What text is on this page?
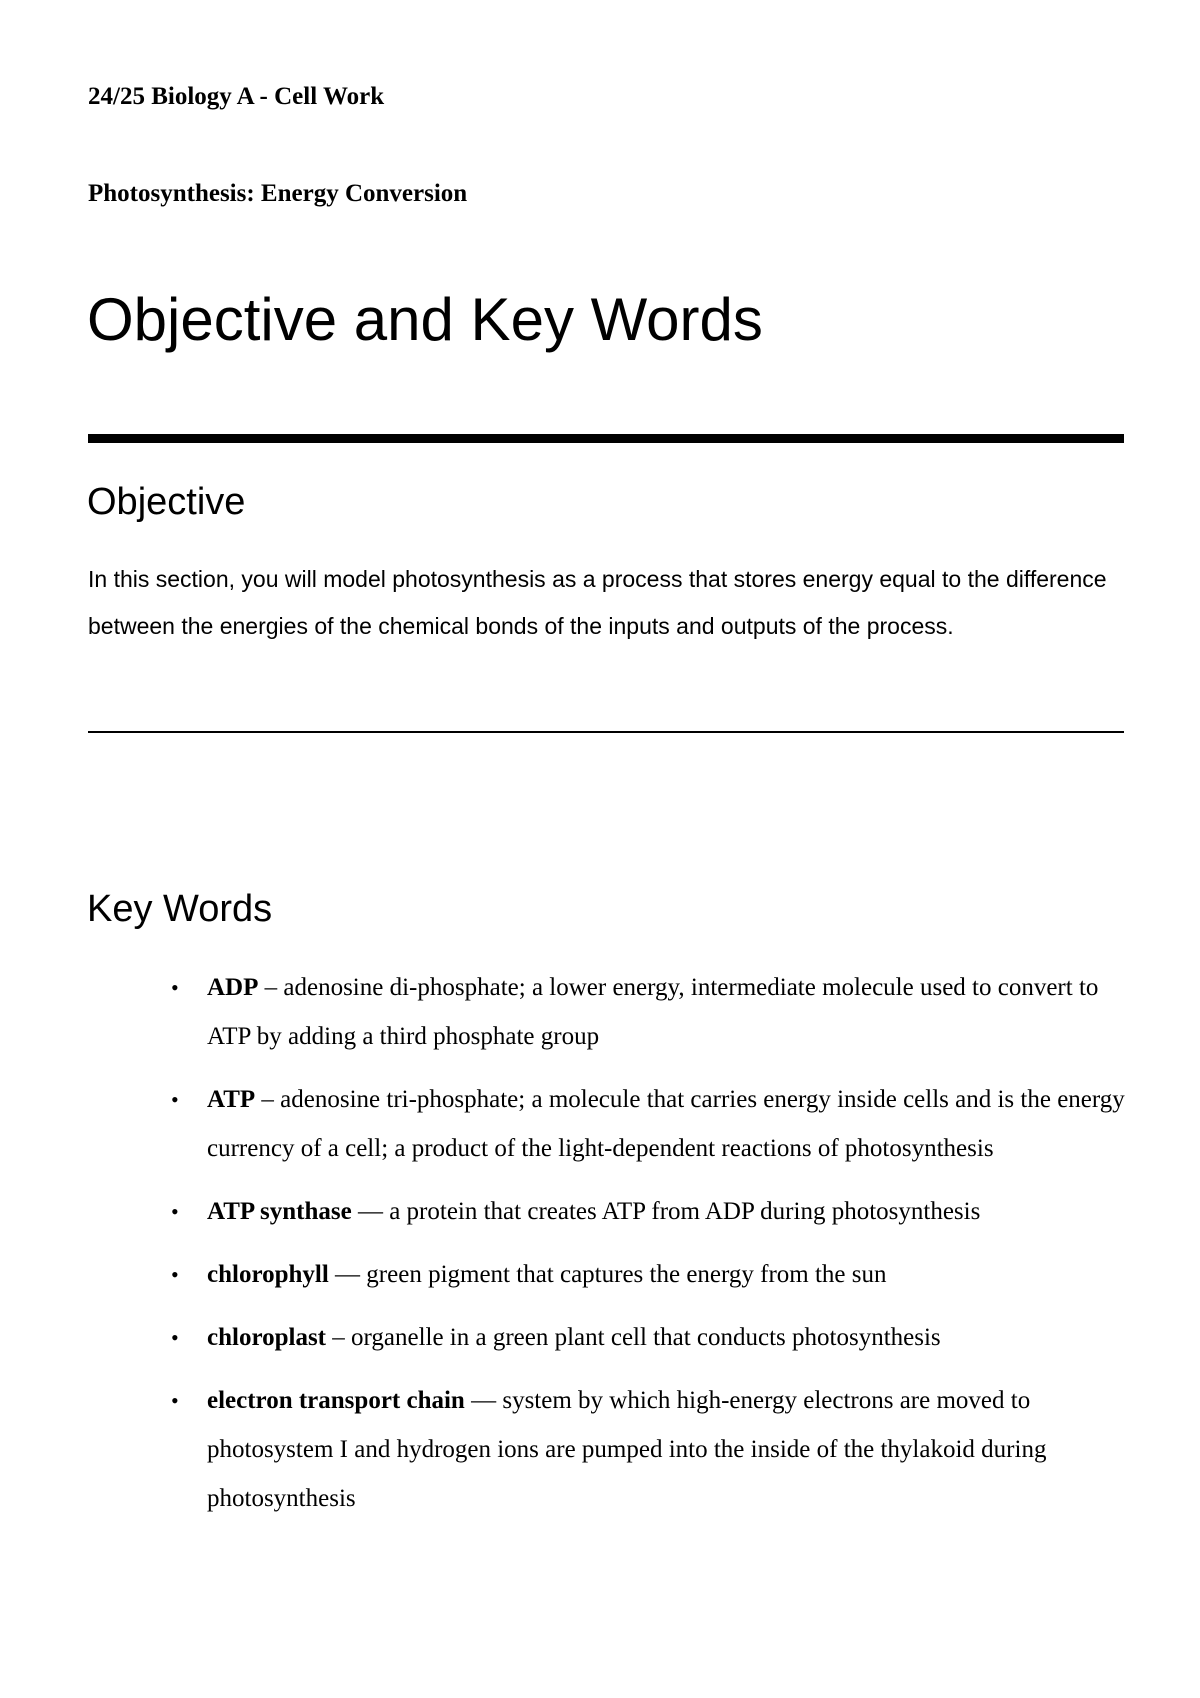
24/25 Biology A - Cell Work
Photosynthesis: Energy Conversion
Objective and Key Words
Objective

In this section, you will model photosynthesis as a process that stores energy equal to the difference between the energies of the chemical bonds of the inputs and outputs of the process.

Key Words
• ADP – adenosine di-phosphate; a lower energy, intermediate molecule used to convert to ATP by adding a third phosphate group
• ATP – adenosine tri-phosphate; a molecule that carries energy inside cells and is the energy currency of a cell; a product of the light-dependent reactions of photosynthesis
• ATP synthase — a protein that creates ATP from ADP during photosynthesis
• chlorophyll — green pigment that captures the energy from the sun
• chloroplast – organelle in a green plant cell that conducts photosynthesis
• electron transport chain — system by which high-energy electrons are moved to photosystem I and hydrogen ions are pumped into the inside of the thylakoid during photosynthesis
